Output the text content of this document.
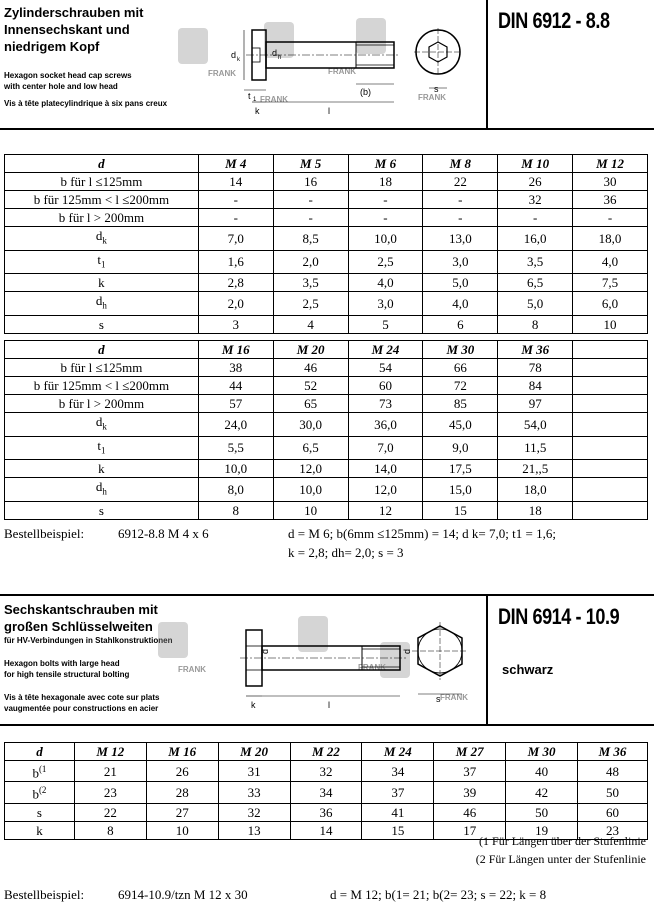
Zylinderschrauben mit
Innensechskant und
niedrigem Kopf
Hexagon socket head cap screws
with center hole and low head
Vis à tête platecylindrique à six pans creux
FRANK	FRANK
FRANK
FRANK
d k
d h
t 1
k	l
(b)	s
DIN 6912 - 8.8
d	M 4	M 5	M 6	M 8	M 10	M 12
b für l ≤125mm	14	16	18	22	26	30
b für 125mm < l ≤200mm	-	-	-	-	32	36
b für l > 200mm	-	-	-	-	-	-
$d_k$	7,0	8,5	10,0	13,0	16,0	18,0
$t_1$	1,6	2,0	2,5	3,0	3,5	4,0
k	2,8	3,5	4,0	5,0	6,5	7,5
$d_h$	2,0	2,5	3,0	4,0	5,0	6,0
s	3	4	5	6	8	10
d	M 16	M 20	M 24	M 30	M 36	
b für l ≤125mm	38	46	54	66	78	
b für 125mm < l ≤200mm	44	52	60	72	84	
b für l > 200mm	57	65	73	85	97	
$d_k$	24,0	30,0	36,0	45,0	54,0	
$t_1$	5,5	6,5	7,0	9,0	11,5	
k	10,0	12,0	14,0	17,5	21,,5	
$d_h$	8,0	10,0	12,0	15,0	18,0	
s	8	10	12	15	18	
Bestellbeispiel:	6912-8.8 M 4 x 6	d = M 6; b(6mm ≤125mm) = 14; d k= 7,0; t1 = 1,6;
k = 2,8; dh= 2,0; s = 3
Sechskantschrauben mit
großen Schlüsselweiten
für HV-Verbindungen in Stahlkonstruktionen
Hexagon bolts with large head
for high tensile structural bolting
Vis à tête hexagonale avec cote sur plats
vaugmentée pour constructions en acier
FRANK	FRANK
FRANK
d	d
k	l
s
DIN 6914 - 10.9
schwarz
d	M 12	M 16	M 20	M 22	M 24	M 27	M 30	M 36
$b^{(1}$	21	26	31	32	34	37	40	48
$b^{(2}$	23	28	33	34	37	39	42	50
s	22	27	32	36	41	46	50	60
k	8	10	13	14	15	17	19	23
(1 Für Längen über der Stufenlinie
(2 Für Längen unter der Stufenlinie
Bestellbeispiel:	6914-10.9/tzn M 12 x 30	d = M 12; b(1= 21; b(2= 23; s = 22; k = 8
